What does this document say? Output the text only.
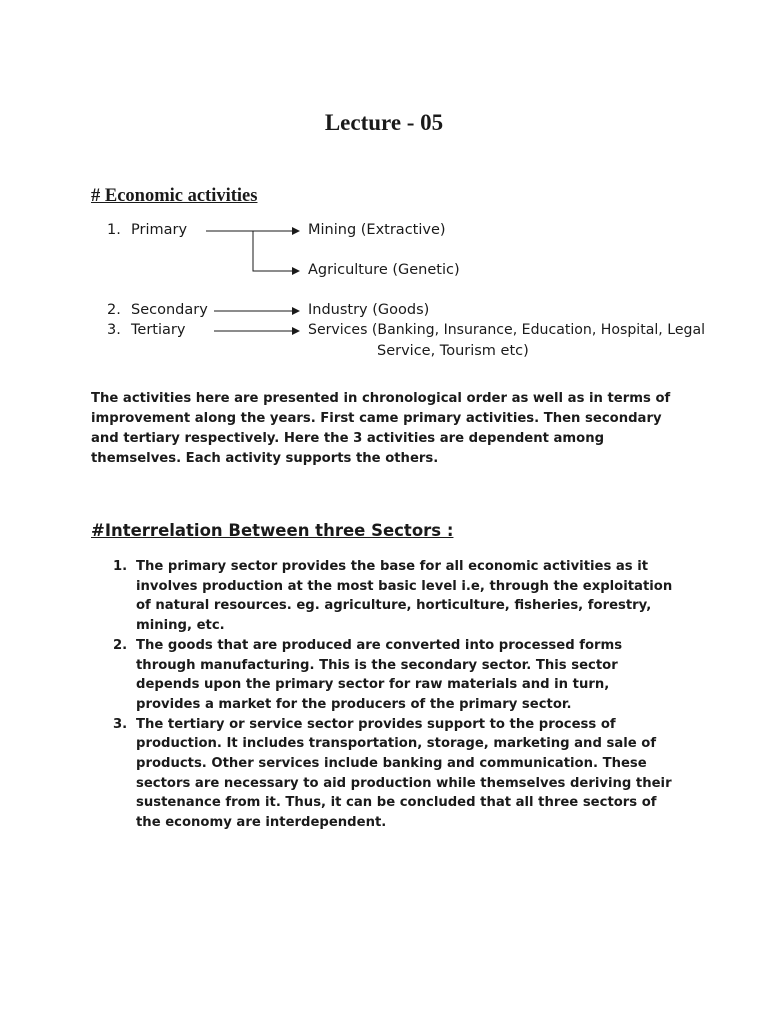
Lecture - 05
# Economic activities
1. Primary
2. Secondary
3. Tertiary
Mining (Extractive)
Agriculture (Genetic)
Industry (Goods)
Services (Banking, Insurance, Education, Hospital, Legal
Service, Tourism etc)

The activities here are presented in chronological order as well as in terms of improvement along the years. First came primary activities. Then secondary and tertiary respectively. Here the 3 activities are dependent among themselves. Each activity supports the others.

#Interrelation Between three Sectors :
1. The primary sector provides the base for all economic activities as it involves production at the most basic level i.e, through the exploitation of natural resources. eg. agriculture, horticulture, fisheries, forestry, mining, etc.
2. The goods that are produced are converted into processed forms through manufacturing. This is the secondary sector. This sector depends upon the primary sector for raw materials and in turn, provides a market for the producers of the primary sector.
3. The tertiary or service sector provides support to the process of production. It includes transportation, storage, marketing and sale of products. Other services include banking and communication. These sectors are necessary to aid production while themselves deriving their sustenance from it. Thus, it can be concluded that all three sectors of the economy are interdependent.
